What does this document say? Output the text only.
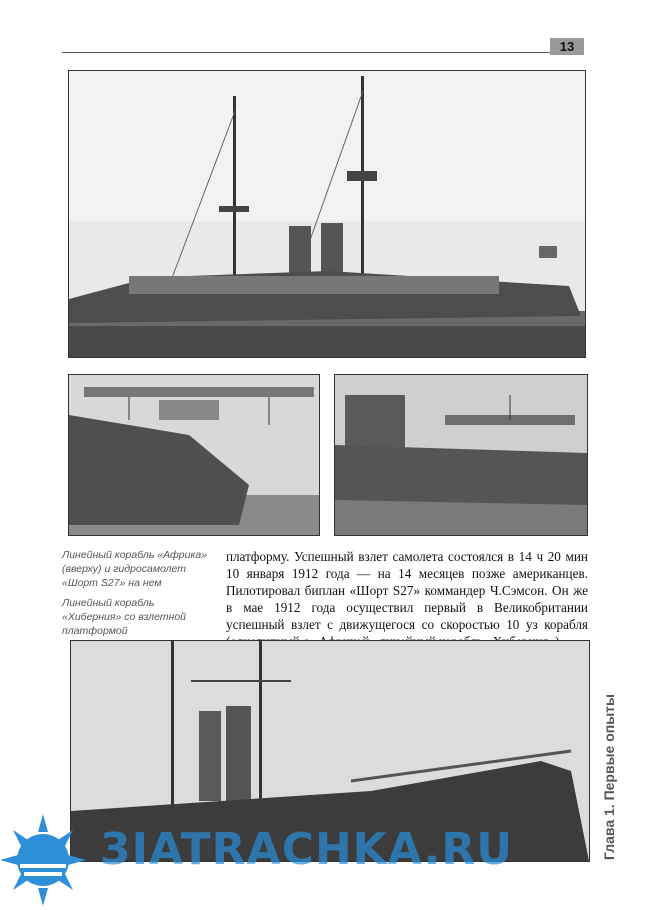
13
Линейный корабль «Африка» (вверху) и гидросамолет «Шорт S27» на нем
Линейный корабль «Хиберния» со взлетной платформой
платформу. Успешный взлет самолета состоялся в 14 ч 20 мин 10 января 1912 года — на 14 месяцев позже американцев. Пилотировал биплан «Шорт S27» коммандер Ч.Сэмсон. Он же в мае 1912 года осуществил первый в Великобритании успешный взлет с движущегося со скоростью 10 уз корабля
Глава 1. Первые опыты
3IATRACHKA.RU
